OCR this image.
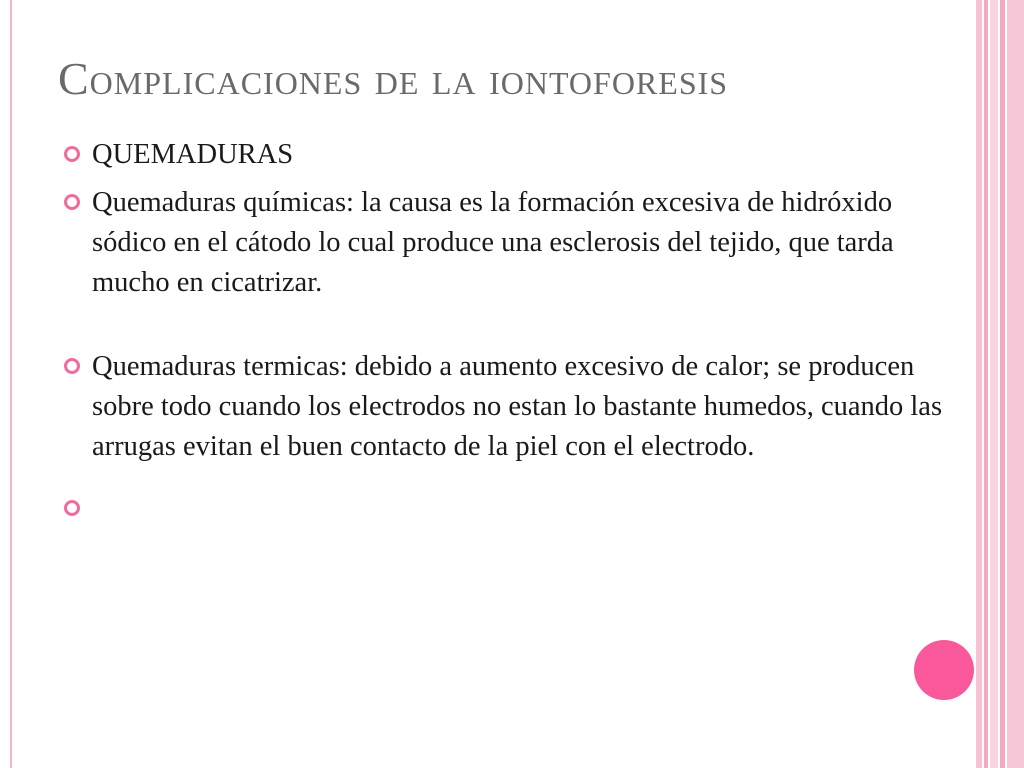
Complicaciones de la iontoforesis
QUEMADURAS
Quemaduras químicas: la causa es la formación excesiva de hidróxido sódico en el cátodo lo cual produce una esclerosis del tejido, que tarda mucho en cicatrizar.
Quemaduras termicas: debido a aumento excesivo de calor; se producen sobre todo cuando los electrodos no estan lo bastante humedos, cuando las arrugas evitan el buen contacto de la piel con el electrodo.
